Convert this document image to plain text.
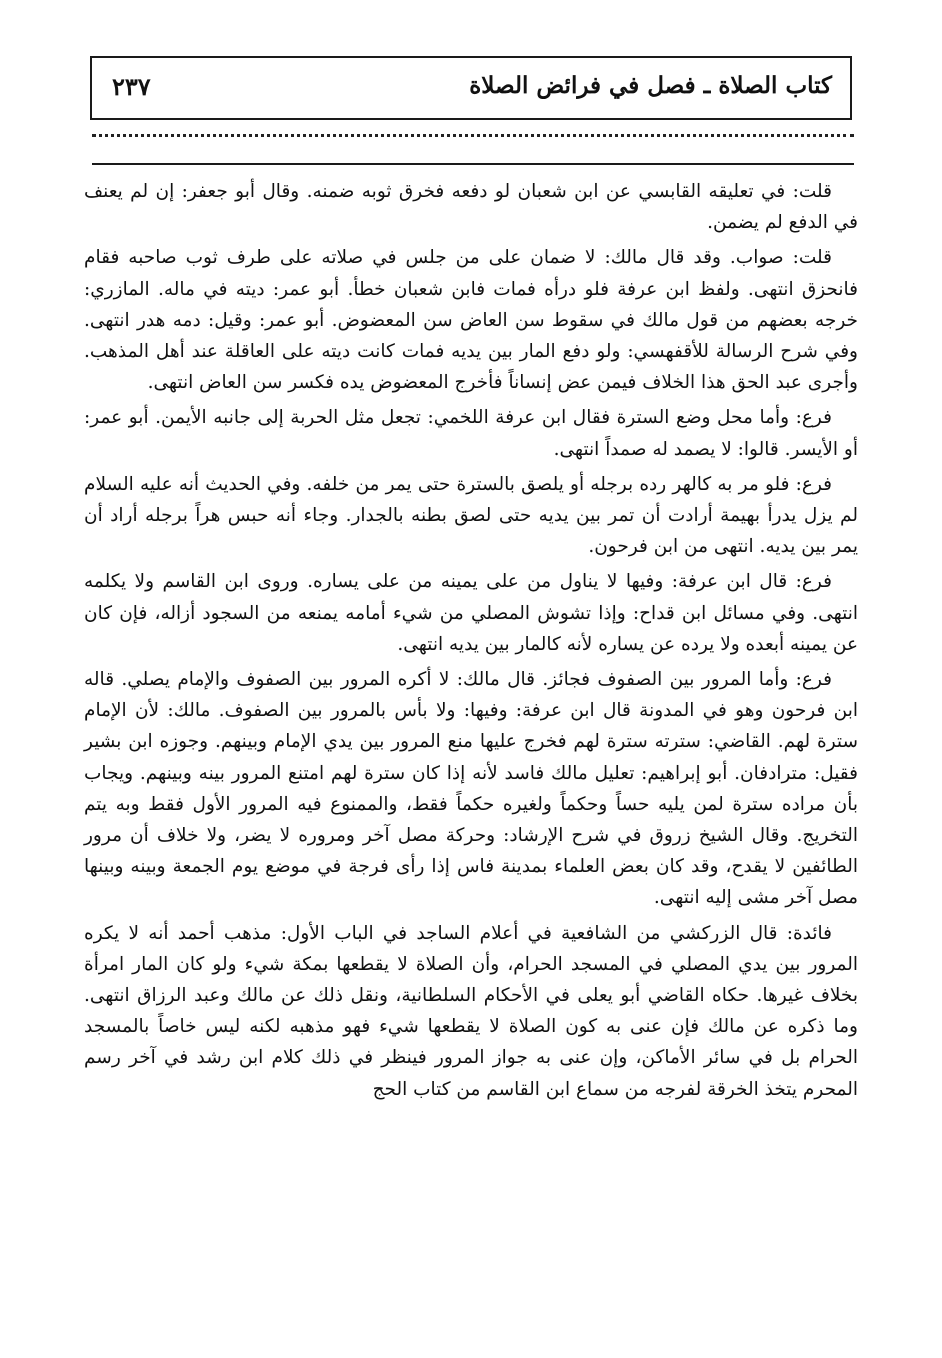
كتاب الصلاة ـ فصل في فرائض الصلاة
٢٣٧

قلت: في تعليقه القابسي عن ابن شعبان لو دفعه فخرق ثوبه ضمنه. وقال أبو جعفر: إن لم يعنف في الدفع لم يضمن.

قلت: صواب. وقد قال مالك: لا ضمان على من جلس في صلاته على طرف ثوب صاحبه فقام فانحزق انتهى. ولفظ ابن عرفة فلو درأه فمات فابن شعبان خطأ. أبو عمر: ديته في ماله. المازري: خرجه بعضهم من قول مالك في سقوط سن العاض سن المعضوض. أبو عمر: وقيل: دمه هدر انتهى. وفي شرح الرسالة للأقفهسي: ولو دفع المار بين يديه فمات كانت ديته على العاقلة عند أهل المذهب. وأجرى عبد الحق هذا الخلاف فيمن عض إنساناً فأخرج المعضوض يده فكسر سن العاض انتهى.

فرع: وأما محل وضع السترة فقال ابن عرفة اللخمي: تجعل مثل الحربة إلى جانبه الأيمن. أبو عمر: أو الأيسر. قالوا: لا يصمد له صمداً انتهى.

فرع: فلو مر به كالهر رده برجله أو يلصق بالسترة حتى يمر من خلفه. وفي الحديث أنه عليه السلام لم يزل يدرأ بهيمة أرادت أن تمر بين يديه حتى لصق بطنه بالجدار. وجاء أنه حبس هراً برجله أراد أن يمر بين يديه. انتهى من ابن فرحون.

فرع: قال ابن عرفة: وفيها لا يناول من على يمينه من على يساره. وروى ابن القاسم ولا يكلمه انتهى. وفي مسائل ابن قداح: وإذا تشوش المصلي من شيء أمامه يمنعه من السجود أزاله، فإن كان عن يمينه أبعده ولا يرده عن يساره لأنه كالمار بين يديه انتهى.

فرع: وأما المرور بين الصفوف فجائز. قال مالك: لا أكره المرور بين الصفوف والإمام يصلي. قاله ابن فرحون وهو في المدونة قال ابن عرفة: وفيها: ولا بأس بالمرور بين الصفوف. مالك: لأن الإمام سترة لهم. القاضي: سترته سترة لهم فخرج عليها منع المرور بين يدي الإمام وبينهم. وجوزه ابن بشير فقيل: مترادفان. أبو إبراهيم: تعليل مالك فاسد لأنه إذا كان سترة لهم امتنع المرور بينه وبينهم. ويجاب بأن مراده سترة لمن يليه حساً وحكماً ولغيره حكماً فقط، والممنوع فيه المرور الأول فقط وبه يتم التخريج. وقال الشيخ زروق في شرح الإرشاد: وحركة مصل آخر ومروره لا يضر، ولا خلاف أن مرور الطائفين لا يقدح، وقد كان بعض العلماء بمدينة فاس إذا رأى فرجة في موضع يوم الجمعة وبينه وبينها مصل آخر مشى إليه انتهى.

فائدة: قال الزركشي من الشافعية في أعلام الساجد في الباب الأول: مذهب أحمد أنه لا يكره المرور بين يدي المصلي في المسجد الحرام، وأن الصلاة لا يقطعها بمكة شيء ولو كان المار امرأة بخلاف غيرها. حكاه القاضي أبو يعلى في الأحكام السلطانية، ونقل ذلك عن مالك وعبد الرزاق انتهى. وما ذكره عن مالك فإن عنى به كون الصلاة لا يقطعها شيء فهو مذهبه لكنه ليس خاصاً بالمسجد الحرام بل في سائر الأماكن، وإن عنى به جواز المرور فينظر في ذلك كلام ابن رشد في آخر رسم المحرم يتخذ الخرقة لفرجه من سماع ابن القاسم من كتاب الحج
